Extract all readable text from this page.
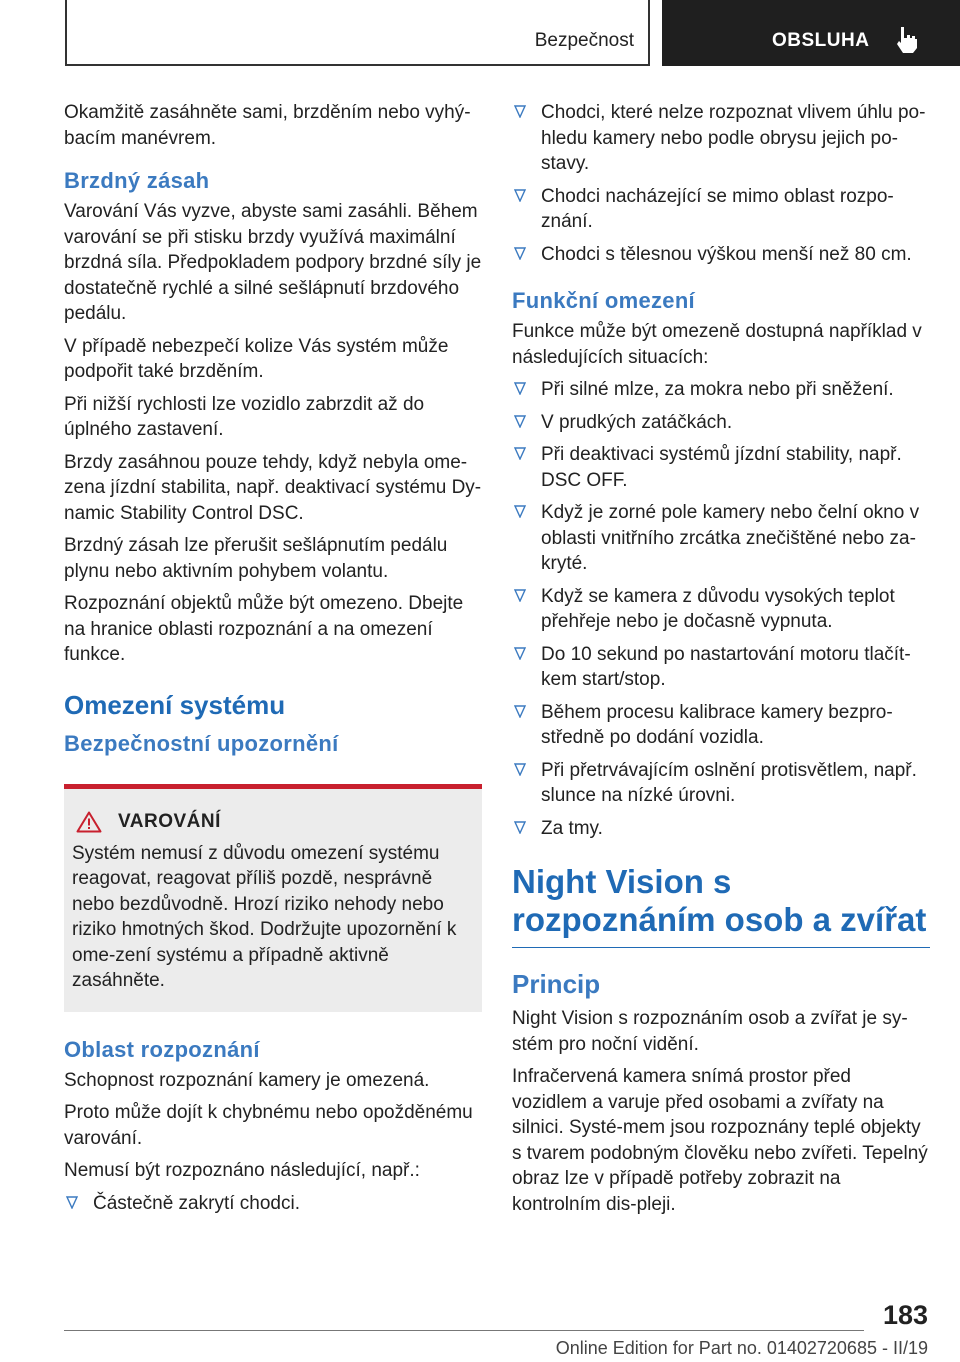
Bezpečnost	OBSLUHA

Okamžitě zasáhněte sami, brzděním nebo vyhý-bacím manévrem.

Brzdný zásah

Varování Vás vyzve, abyste sami zasáhli. Během varování se při stisku brzdy využívá maximální brzdná síla. Předpokladem podpory brzdné síly je dostatečně rychlé a silné sešlápnutí brzdového pedálu.

V případě nebezpečí kolize Vás systém může podpořit také brzděním.

Při nižší rychlosti lze vozidlo zabrzdit až do úplného zastavení.

Brzdy zasáhnou pouze tehdy, když nebyla ome-zena jízdní stabilita, např. deaktivací systému Dy-namic Stability Control DSC.

Brzdný zásah lze přerušit sešlápnutím pedálu plynu nebo aktivním pohybem volantu.

Rozpoznání objektů může být omezeno. Dbejte na hranice oblasti rozpoznání a na omezení funkce.

Omezení systému
Bezpečnostní upozornění
VAROVÁNÍ

Systém nemusí z důvodu omezení systému reagovat, reagovat příliš pozdě, nesprávně nebo bezdůvodně. Hrozí riziko nehody nebo riziko hmotných škod. Dodržujte upozornění k ome-zení systému a případně aktivně zasáhněte.

Oblast rozpoznání

Schopnost rozpoznání kamery je omezená.

Proto může dojít k chybnému nebo opožděnému varování.

Nemusí být rozpoznáno následující, např.:

Částečně zakrytí chodci.
Chodci, které nelze rozpoznat vlivem úhlu po-hledu kamery nebo podle obrysu jejich po-stavy.
Chodci nacházející se mimo oblast rozpo-znání.
Chodci s tělesnou výškou menší než 80 cm.
Funkční omezení

Funkce může být omezeně dostupná například v následujících situacích:

Při silné mlze, za mokra nebo při sněžení.
V prudkých zatáčkách.
Při deaktivaci systémů jízdní stability, např. DSC OFF.
Když je zorné pole kamery nebo čelní okno v oblasti vnitřního zrcátka znečištěné nebo za-kryté.
Když se kamera z důvodu vysokých teplot přehřeje nebo je dočasně vypnuta.
Do 10 sekund po nastartování motoru tlačít-kem start/stop.
Během procesu kalibrace kamery bezpro-středně po dodání vozidla.
Při přetrvávajícím oslnění protisvětlem, např. slunce na nízké úrovni.
Za tmy.
Night Vision s rozpoznáním osob a zvířat
Princip

Night Vision s rozpoznáním osob a zvířat je sy-stém pro noční vidění.

Infračervená kamera snímá prostor před vozidlem a varuje před osobami a zvířaty na silnici. Systé-mem jsou rozpoznány teplé objekty s tvarem podobným člověku nebo zvířeti. Tepelný obraz lze v případě potřeby zobrazit na kontrolním dis-pleji.

183
Online Edition for Part no. 01402720685 - II/19
